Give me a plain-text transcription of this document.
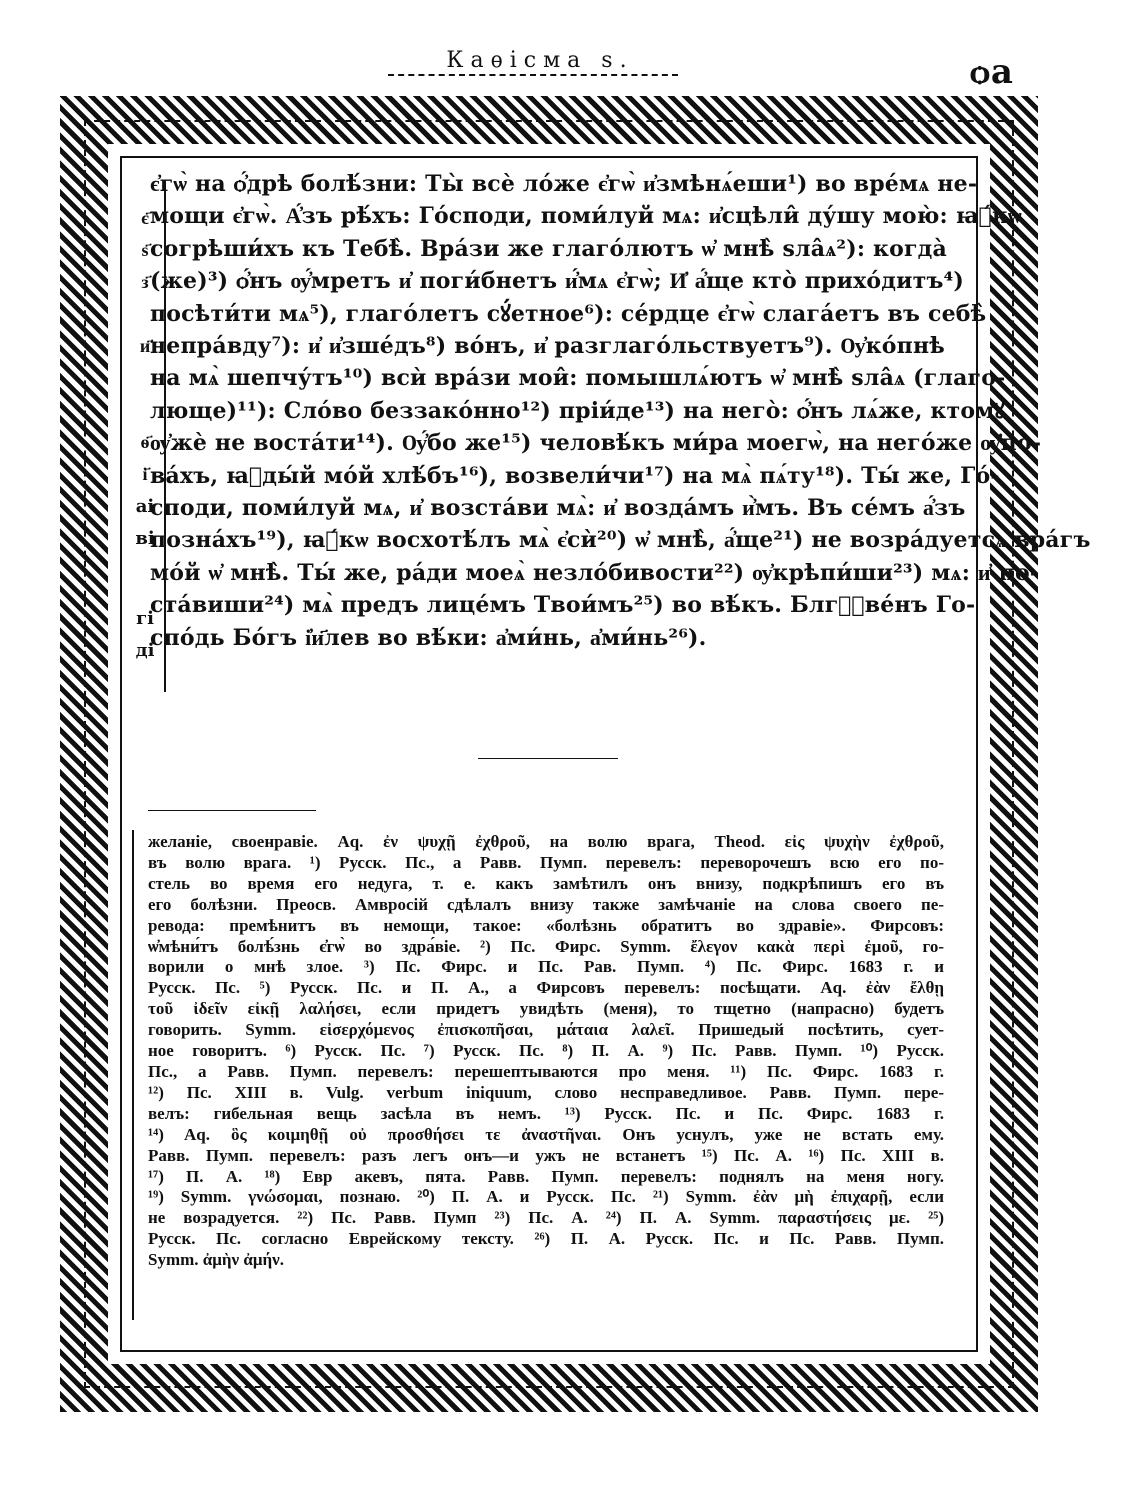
Каѳісма ѕ.	ѻа
є҃
ѕ҃
з҃
и҃
ѳ҃
і҃
аі
ві
гі
ді
є҆гѡ̀ на ѻ҆́дрѣ болѣ́зни: Ты̀ всѐ ло́же є҆гѡ̀ и҆змѣнѧ́еши¹) во вре́мѧ не-
мощи є҆гѡ̀. А҆́зъ рѣ́хъ: Го́споди, поми́луй мѧ: и҆сцѣли̂ ду́шу мою̀: ꙗ҆́кѡ
согрѣши́хъ къ Тебѣ̀. Вра́зи же глаго́лютъ ѡ҆ мнѣ̀ ѕла̂ѧ²): когда̀
(же)³) ѻ҆́нъ ѹ҆́мретъ и҆ поги́бнетъ и҆́мѧ є҆гѡ̀; И҆ а҆́ще кто̀ прихо́дитъ⁴)
посѣти́ти мѧ⁵), глаго́летъ сꙋ́етное⁶): се́рдце є҆гѡ̀ слага́етъ въ себѣ̀
непра́вду⁷): и҆ и҆зше́дъ⁸) во́нъ, и҆ разглаго́льствуетъ⁹). Ѹ҆ко́пнѣ
на мѧ̀ шепчу́тъ¹⁰) всѝ вра́зи мои̂: помышлѧ́ютъ ѡ҆ мнѣ̀ ѕла̂ѧ (глаго-
люще)¹¹): Сло́во беззако́нно¹²) пріи́де¹³) на него̀: ѻ҆́нъ лѧ́же, ктомꙋ̀
ѹ҆жѐ не воста́ти¹⁴). Ѹ҆́бо же¹⁵) человѣ́къ ми́ра моегѡ̀, на него́же ѹ҆по-
ва́хъ, ꙗ҆ды́й мо́й хлѣ́бъ¹⁶), возвели́чи¹⁷) на мѧ̀ пѧ́ту¹⁸). Ты́ же, Го́-
споди, поми́луй мѧ, и҆ возста́ви мѧ̀: и҆ возда́мъ и҆̀мъ. Въ се́мъ а҆́зъ
позна́хъ¹⁹), ꙗ҆́кѡ восхотѣ́лъ мѧ̀ є҆сѝ²⁰) ѡ҆ мнѣ̀, а҆́ще²¹) не возра́дуетсѧ вра́гъ
мо́й ѡ҆ мнѣ̀. Ты́ же, ра́ди моеѧ̀ незло́бивости²²) ѹ҆крѣпи́ши²³) мѧ: и҆ по-
ста́виши²⁴) мѧ̀ предъ лице́мъ Твои́мъ²⁵) во вѣ́къ. Блгⷭ҇ве́нъ Го-
спо́дь Бо́гъ і҆и҃лев во вѣ́ки: а҆ми́нь, а҆ми́нь²⁶).
желаніе, своенравіе. Aq. ἐν ψυχῇ ἐχθροῦ, на волю врага, Theod. εἰς ψυχὴν ἐχθροῦ,
въ волю врага. ¹) Русск. Пс., а Равв. Пумп. перевелъ: переворочешъ всю его по-
стель во время его недуга, т. е. какъ замѣтилъ онъ внизу, подкрѣпишъ его въ
его болѣзни. Преосв. Амвросій сдѣлалъ внизу также замѣчаніе на слова своего пе-
ревода: премѣнитъ въ немощи, такое: «болѣзнь обратитъ во здравіе». Фирсовъ:
ѡ҆мѣни́тъ болѣ́знь є҆гѡ̀ во здра́віе. ²) Пс. Фирс. Symm. ἔλεγον κακὰ περὶ ἐμοῦ, го-
ворили о мнѣ злое. ³) Пс. Фирс. и Пс. Рав. Пумп. ⁴) Пс. Фирс. 1683 г. и
Русск. Пс. ⁵) Русск. Пс. и П. А., а Фирсовъ перевелъ: посѣщати. Aq. ἐὰν ἔλθῃ
τοῦ ἰδεῖν εἰκῇ λαλήσει, если придетъ увидѣть (меня), то тщетно (напрасно) будетъ
говорить. Symm. εἰσερχόμενος ἐπισκοπῆσαι, μάταια λαλεῖ. Пришедый посѣтить, сует-
ное говоритъ. ⁶) Русск. Пс. ⁷) Русск. Пс. ⁸) П. А. ⁹) Пс. Равв. Пумп. ¹⁰) Русск.
Пс., а Равв. Пумп. перевелъ: перешептываются про меня. ¹¹) Пс. Фирс. 1683 г.
¹²) Пс. XIII в. Vulg. verbum iniquum, слово несправедливое. Равв. Пумп. пере-
велъ: гибельная вещь засѣла въ немъ. ¹³) Русск. Пс. и Пс. Фирс. 1683 г.
¹⁴) Aq. ὃς κοιμηθῇ οὐ προσθήσει τε ἀναστῆναι. Онъ уснулъ, уже не встать ему.
Равв. Пумп. перевелъ: разъ легъ онъ—и ужъ не встанетъ ¹⁵) Пс. А. ¹⁶) Пс. XIII в.
¹⁷) П. А. ¹⁸) Евр акевъ, пята. Равв. Пумп. перевелъ: поднялъ на меня ногу.
¹⁹) Symm. γνώσομαι, познаю. ²⁰) П. А. и Русск. Пс. ²¹) Symm. ἐὰν μὴ ἐπιχαρῇ, если
не возрадуется. ²²) Пс. Равв. Пумп ²³) Пс. А. ²⁴) П. А. Symm. παραστήσεις με. ²⁵)
Русск. Пс. согласно Еврейскому тексту. ²⁶) П. А. Русск. Пс. и Пс. Равв. Пумп.
Symm. ἀμὴν ἀμήν.
